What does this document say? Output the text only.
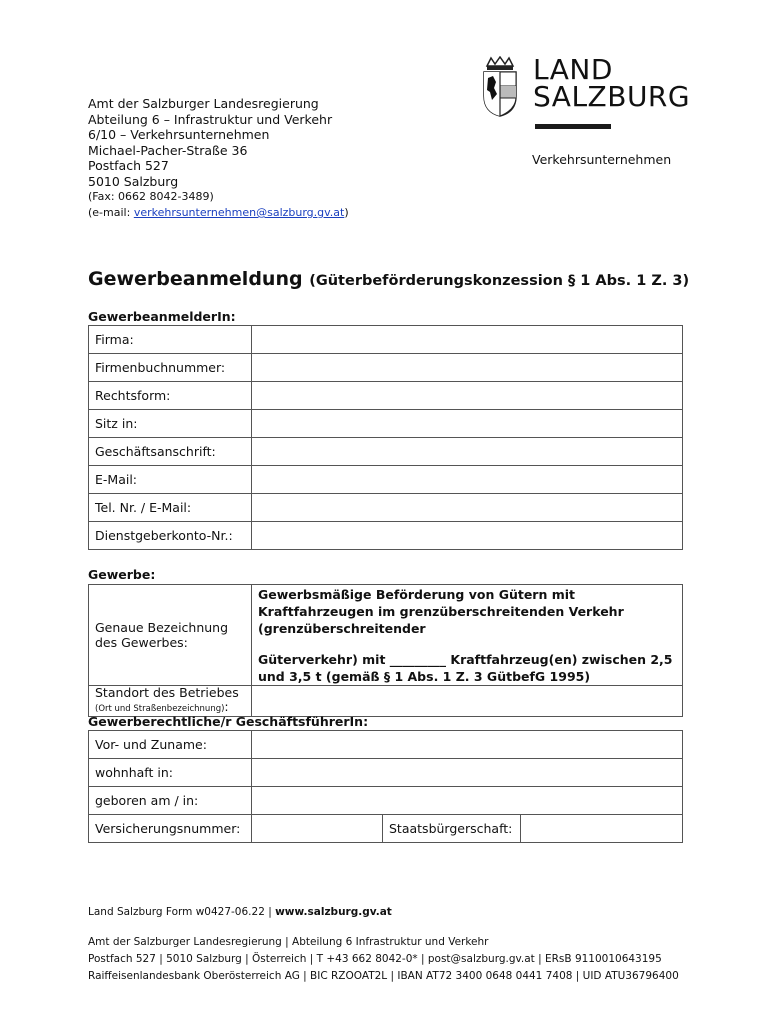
Amt der Salzburger Landesregierung
Abteilung 6 – Infrastruktur und Verkehr
6/10 – Verkehrsunternehmen
Michael-Pacher-Straße 36
Postfach 527
5010 Salzburg
(Fax: 0662 8042-3489)
(e-mail: verkehrsunternehmen@salzburg.gv.at)
LAND
SALZBURG
Verkehrsunternehmen
Gewerbeanmeldung (Güterbeförderungskonzession § 1 Abs. 1 Z. 3)
GewerbeanmelderIn:
Firma:	
Firmenbuchnummer:	
Rechtsform:	
Sitz in:	
Geschäftsanschrift:	
E-Mail:	
Tel. Nr. / E-Mail:	
Dienstgeberkonto-Nr.:	
Gewerbe:
Genaue Bezeichnung des Gewerbes:	Gewerbsmäßige Beförderung von Gütern mit Kraftfahrzeugen im grenzüberschreitenden Verkehr (grenzüberschreitender
Güterverkehr) mit _________ Kraftfahrzeug(en) zwischen 2,5 und 3,5 t (gemäß § 1 Abs. 1 Z. 3 GütbefG 1995)

Standort des Betriebes
(Ort und Straßenbezeichnung):	

Gewerberechtliche/r GeschäftsführerIn:
Vor- und Zuname:			
wohnhaft in:			
geboren am / in:			
Versicherungsnummer:		Staatsbürgerschaft:	
Land Salzburg Form w0427-06.22 | www.salzburg.gv.at
Amt der Salzburger Landesregierung | Abteilung 6 Infrastruktur und Verkehr
Postfach 527 | 5010 Salzburg | Österreich | T +43 662 8042-0* | post@salzburg.gv.at | ERsB 9110010643195
Raiffeisenlandesbank Oberösterreich AG | BIC RZOOAT2L | IBAN AT72 3400 0648 0441 7408 | UID ATU36796400
